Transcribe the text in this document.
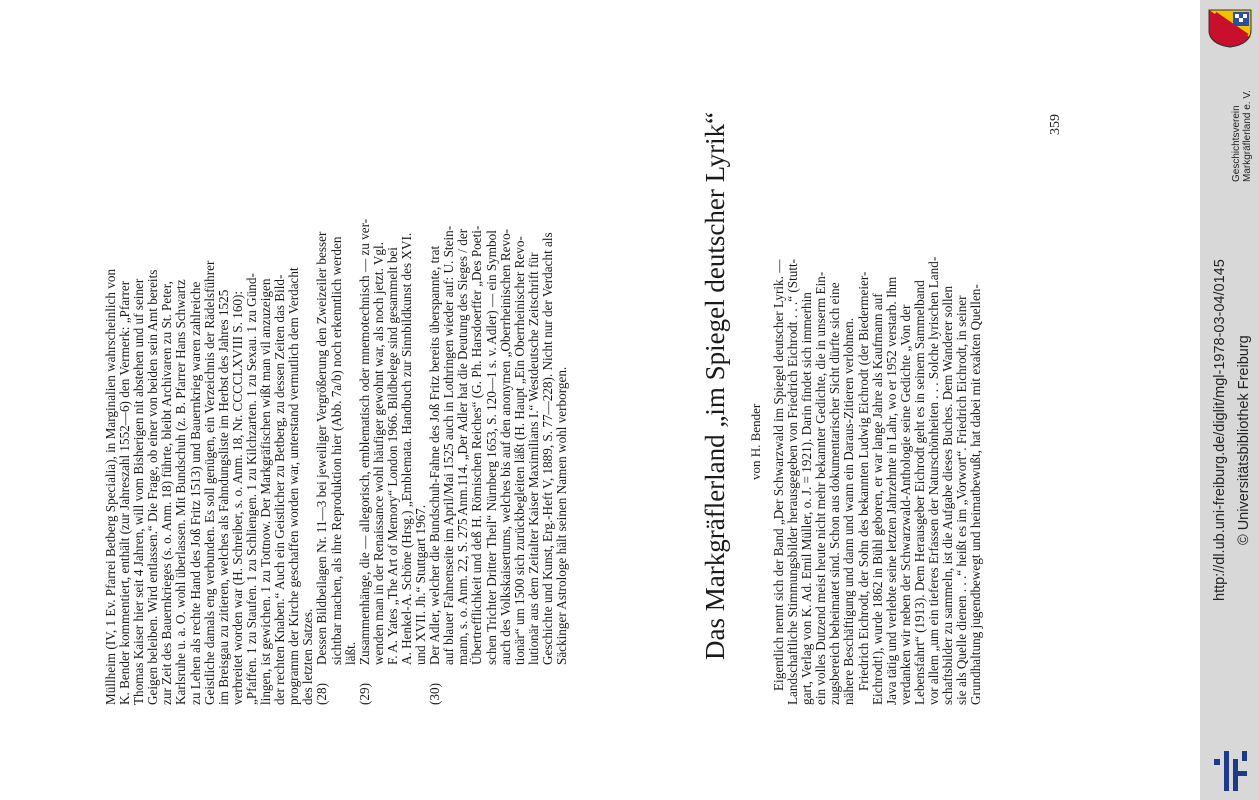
Müllheim (IV, 1 Ev. Pfarrei Betberg Specialia), in Marginalien wahrscheinlich von K. Bender kommentiert, enthält (zur Jahreszahl 1552—6) den Vermerk: „Pfarrer Thomas Kaiser hier seit 4 Jahren, will vom Bisherigen nit abstehen und uf seiner Geigen beleiben. Wird entlassen.“ Die Frage, ob einer von beiden sein Amt bereits zur Zeit des Bauernkrieges (s. o. Anm. 18) führte, bleibt Archivaren zu St. Peter, Karlsruhe u. a. O. wohl überlassen. Mit Bundschuh (z. B. Pfarrer Hans Schwartz zu Lehen als rechte Hand des Joß Fritz 1513) und Bauernkrieg waren zahlreiche Geistliche damals eng verbunden. Es soll genügen, ein Verzeichnis der Rädelsführer im Breisgau zu zitieren, welches als Fahndungsliste im Herbst des Jahres 1525 verbreitet worden war (H. Schreiber, s. o. Anm. 18, Nr. CCCCLXVIII S. 160): „Pfaffen. 1 zu Staufen. 1 zu Schliengen. 1 zu Kilchzarten. 1 zu Sexau. 1 zu Günd- lingen, ist gewichen. 1 zu Tottnow. Der Markgräfischen wißt man vil anzuzeigen der rechten Knaben.“ Auch ein Geistlicher zu Betberg, zu dessen Zeiten das Bild- programm der Kirche geschaffen worden war, unterstand vermutlich dem Verdacht des letzten Satzes. (28)
Dessen Bildbeilagen Nr. 11—3 bei jeweiliger Vergrößerung den Zweizeiler besser sichtbar machen, als ihre Reproduktion hier (Abb. 7a/b) noch erkenntlich werden läßt.
(29)
Zusammenhänge, die — allegorisch, emblematisch oder mnemotechnisch — zu ver- wenden man in der Renaissance wohl häufiger gewohnt war, als noch jetzt. Vgl. F. A. Yates „The Art of Memory“ London 1966. Bildbelege sind gesammelt bei A. Henkel-A. Schöne (Hrsg.) „Emblemata. Handbuch zur Sinnbildkunst des XVI. und XVII. Jh.“ Stuttgart 1967.
(30)
Der Adler, welcher die Bundschuh-Fahne des Joß Fritz bereits überspannte, trat auf blauer Fahnenseite im April/Mai 1525 auch in Lothringen wieder auf: U. Stein- mann, s. o. Anm. 22, S. 275 Anm.114. „Der Adler hat die Deutung des Sieges / der Übertrefflichkeit und deß H. Römischen Reiches“ (G. Ph. Harsdoerffer „Des Poeti- schen Trichter Dritter Theil“ Nürnberg 1653, S. 120—1 s. v. Adler) — ein Symbol auch des Volkskaisertums, welches bis auf den anonymen „Oberrheinischen Revo- tionär“ um 1500 sich zurückbegleiten läßt (H. Haupt „Ein Oberrheinischer Revo- lutionär aus dem Zeitalter Kaiser Maximilians I.“ Westdeutsche Zeitschrift für Geschichte und Kunst, Erg.-Heft V, 1889, S. 77—228). Nicht nur der Verdacht als Säckinger Astrologe hält seinen Namen wohl verborgen.	Das Markgräflerland „im Spiegel deutscher Lyrik“ von H. Bender Eigentlich nennt sich der Band „Der Schwarzwald im Spiegel deutscher Lyrik. — Landschaftliche Stimmungsbilder herausgegeben von Friedrich Eichrodt . . .“ (Stutt- gart, Verlag von K. Ad. Emil Müller, o. J. = 1921). Darin findet sich immerhin ein volles Dutzend meist heute nicht mehr bekannter Gedichte, die in unserm Ein- zugsbereich beheimatet sind. Schon aus dokumentarischer Sicht dürfte sich eine nähere Beschäftigung und dann und wann ein Daraus-Zitieren verlohnen. Friedrich Eichrodt, der Sohn des bekannten Ludwig Eichrodt (der Biedermeier- Eichrodt!), wurde 1862 in Bühl geboren, er war lange Jahre als Kaufmann auf Java tätig und verlebte seine letzten Jahrzehnte in Lahr, wo er 1952 verstarb. Ihm verdanken wir neben der Schwarzwald-Anthologie seine Gedichte „Von der Lebensfahrt“ (1913). Dem Herausgeber Eichrodt geht es in seinem Sammelband vor allem „um ein tieferes Erfassen der Naturschönheiten . . . Solche lyrischen Land- schaftsbilder zu sammeln, ist die Aufgabe dieses Buches. Dem Wanderer sollen sie als Quelle dienen . . .“ heißt es im „Vorwort“. Friedrich Eichrodt, in seiner Grundhaltung jugendbewegt und heimatbewußt, hat dabei mit exakten Quellen-
359	Geschichtsverein Markgräflerland e. V.
http://dl.ub.uni-freiburg.de/diglit/mgl-1978-03-04/0145 © Universitätsbibliothek Freiburg
